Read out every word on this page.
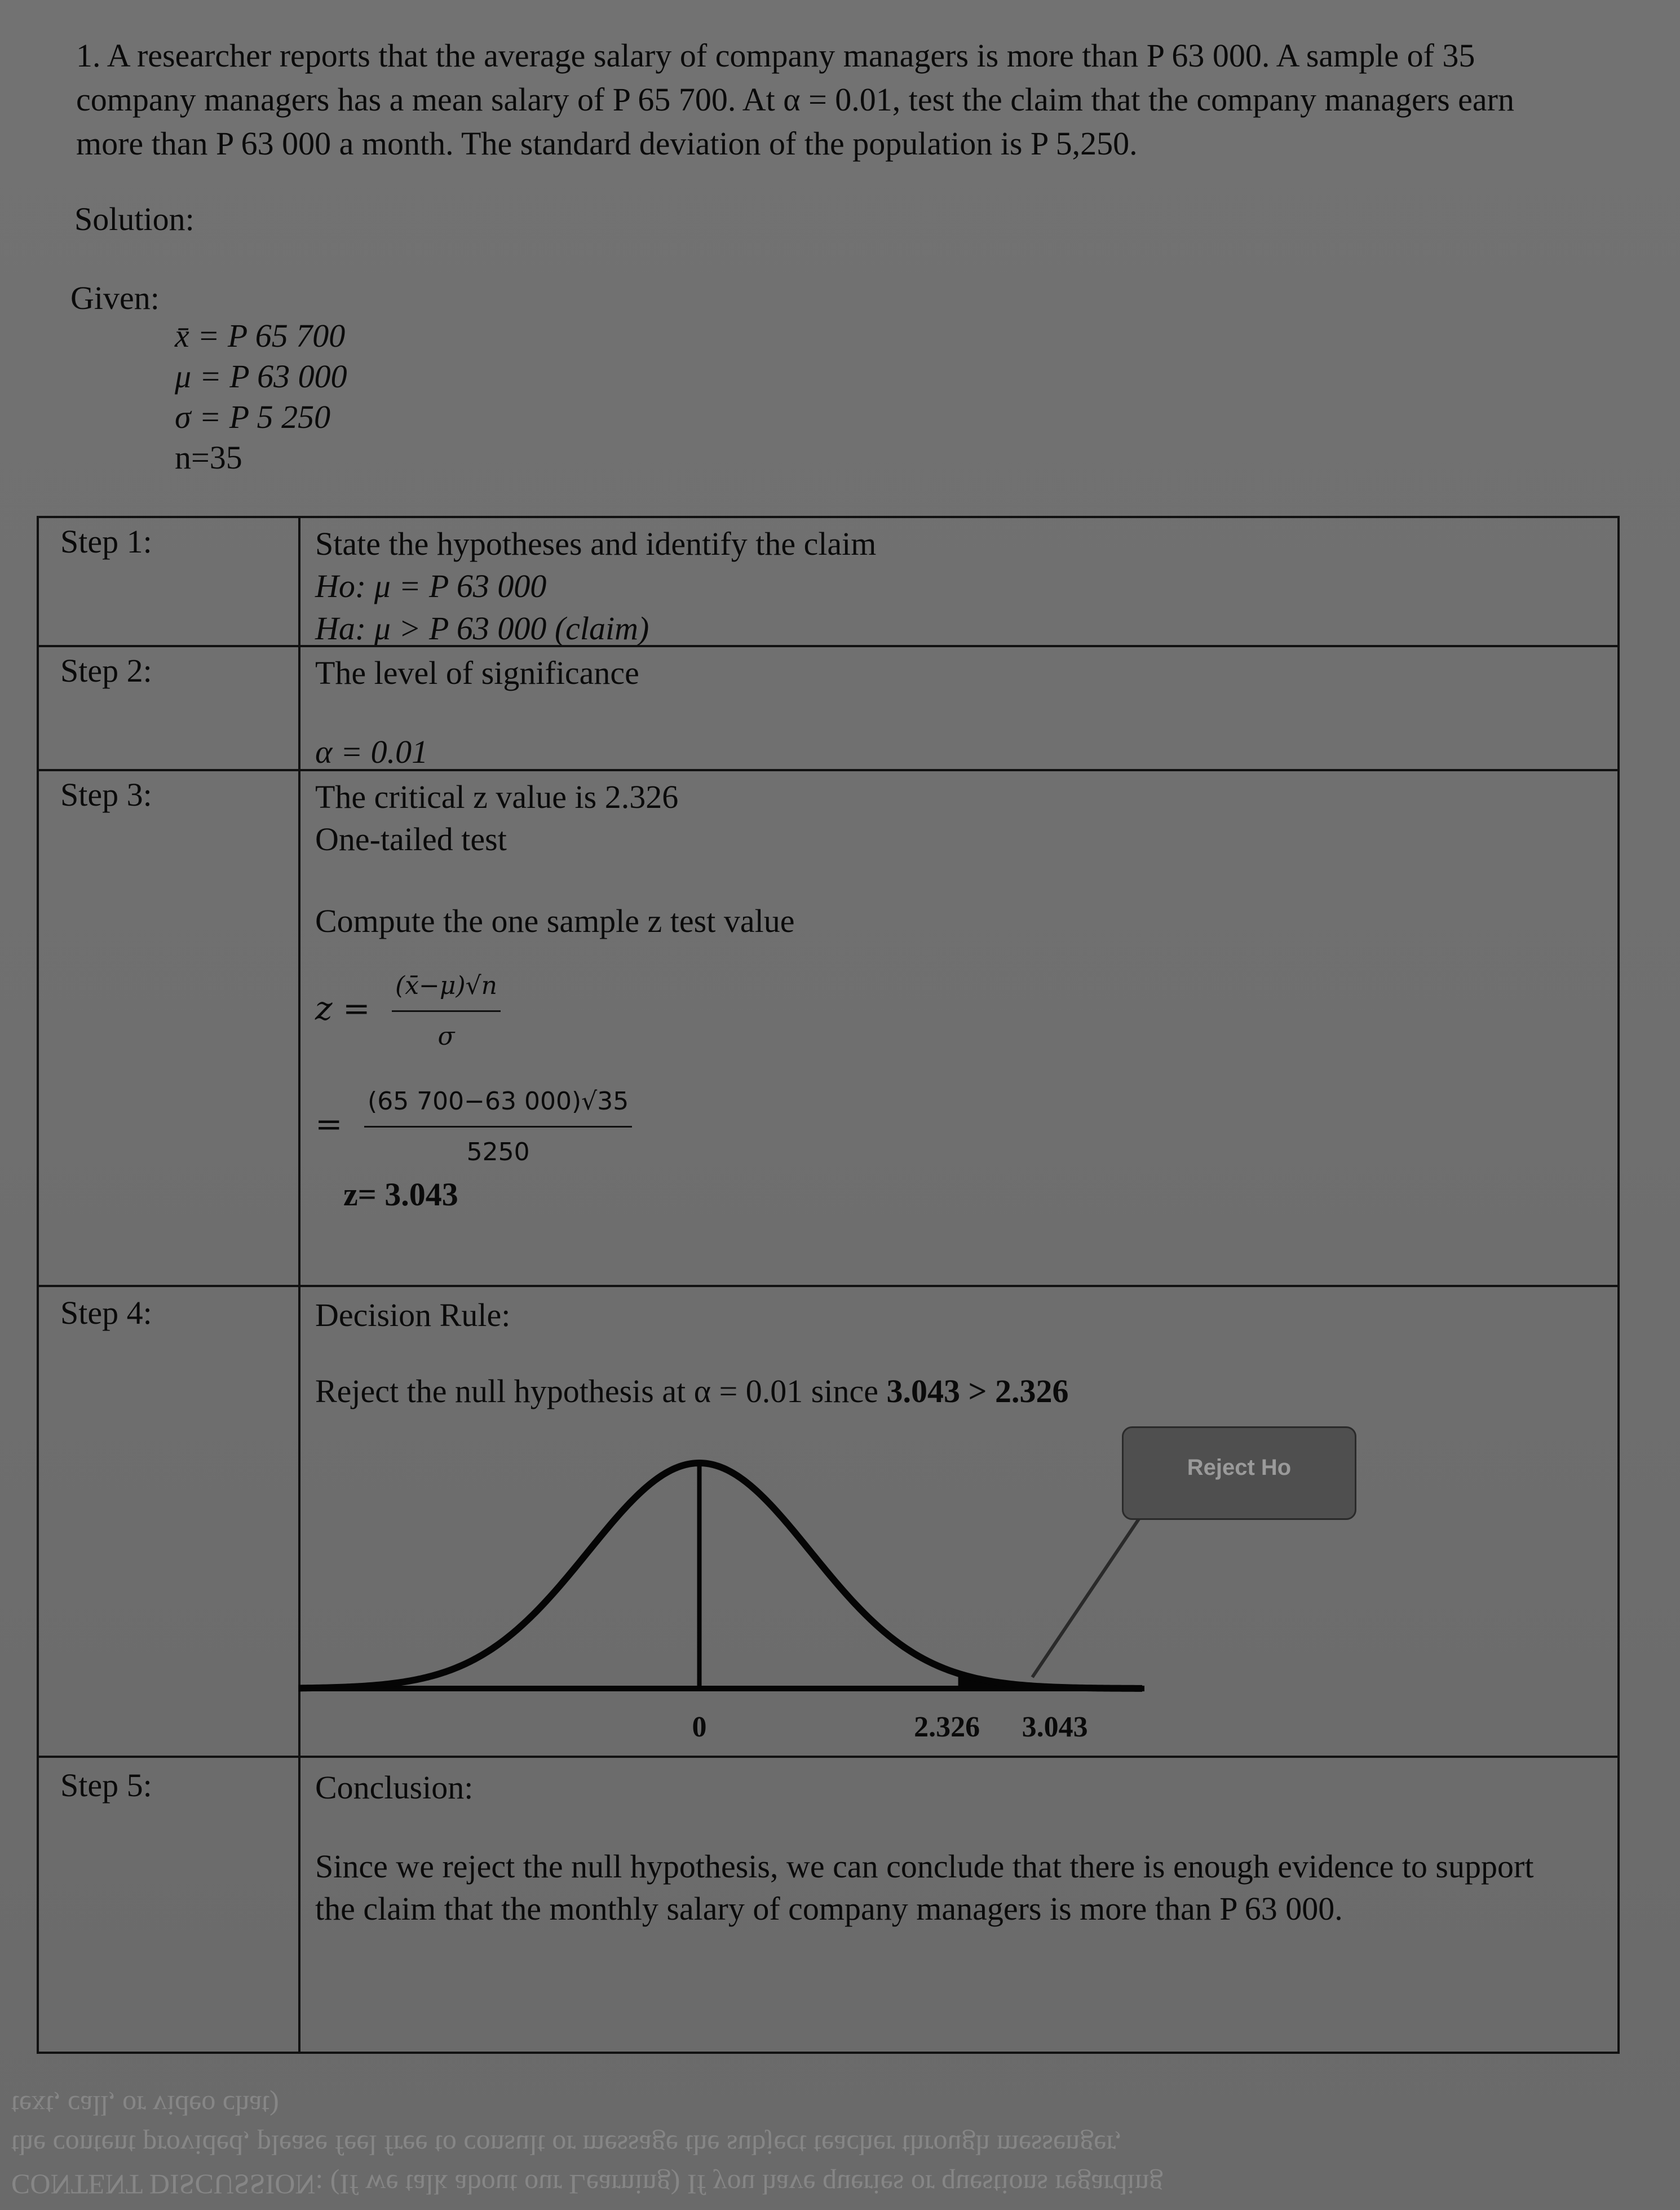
1. A researcher reports that the average salary of company managers is more than P 63 000. A sample of 35 company managers has a mean salary of P 65 700. At α = 0.01, test the claim that the company managers earn more than P 63 000 a month. The standard deviation of the population is P 5,250.
Solution:
Given:
x̄ = P 65 700
μ = P 63 000
σ = P 5 250
n=35
Step 1:	State the hypotheses and identify the claim
Ho: μ = P 63 000
Ha: μ > P 63 000 (claim)
Step 2:	The level of significance
α = 0.01
Step 3:	The critical z value is 2.326
One-tailed test
Compute the one sample z test value
$z = \frac{(x̄-\mu)√n}{\sigma}$
= $\frac{(65 700-63 000)√35}{5250}$
z= 3.043
Step 4:	Decision Rule:
Reject the null hypothesis at α = 0.01 since 3.043 > 2.326
Step 5:	Conclusion:
Since we reject the null hypothesis, we can conclude that there is enough evidence to support the claim that the monthly salary of company managers is more than P 63 000.
0	2.326 3.043
Reject Ho
CONTENT DISCUSSION: (If we talk about our Learning) If you have queries or questions regarding
the content provided, please feel free to consult or message the subject teacher through messenger,
text, call, or video chat)
